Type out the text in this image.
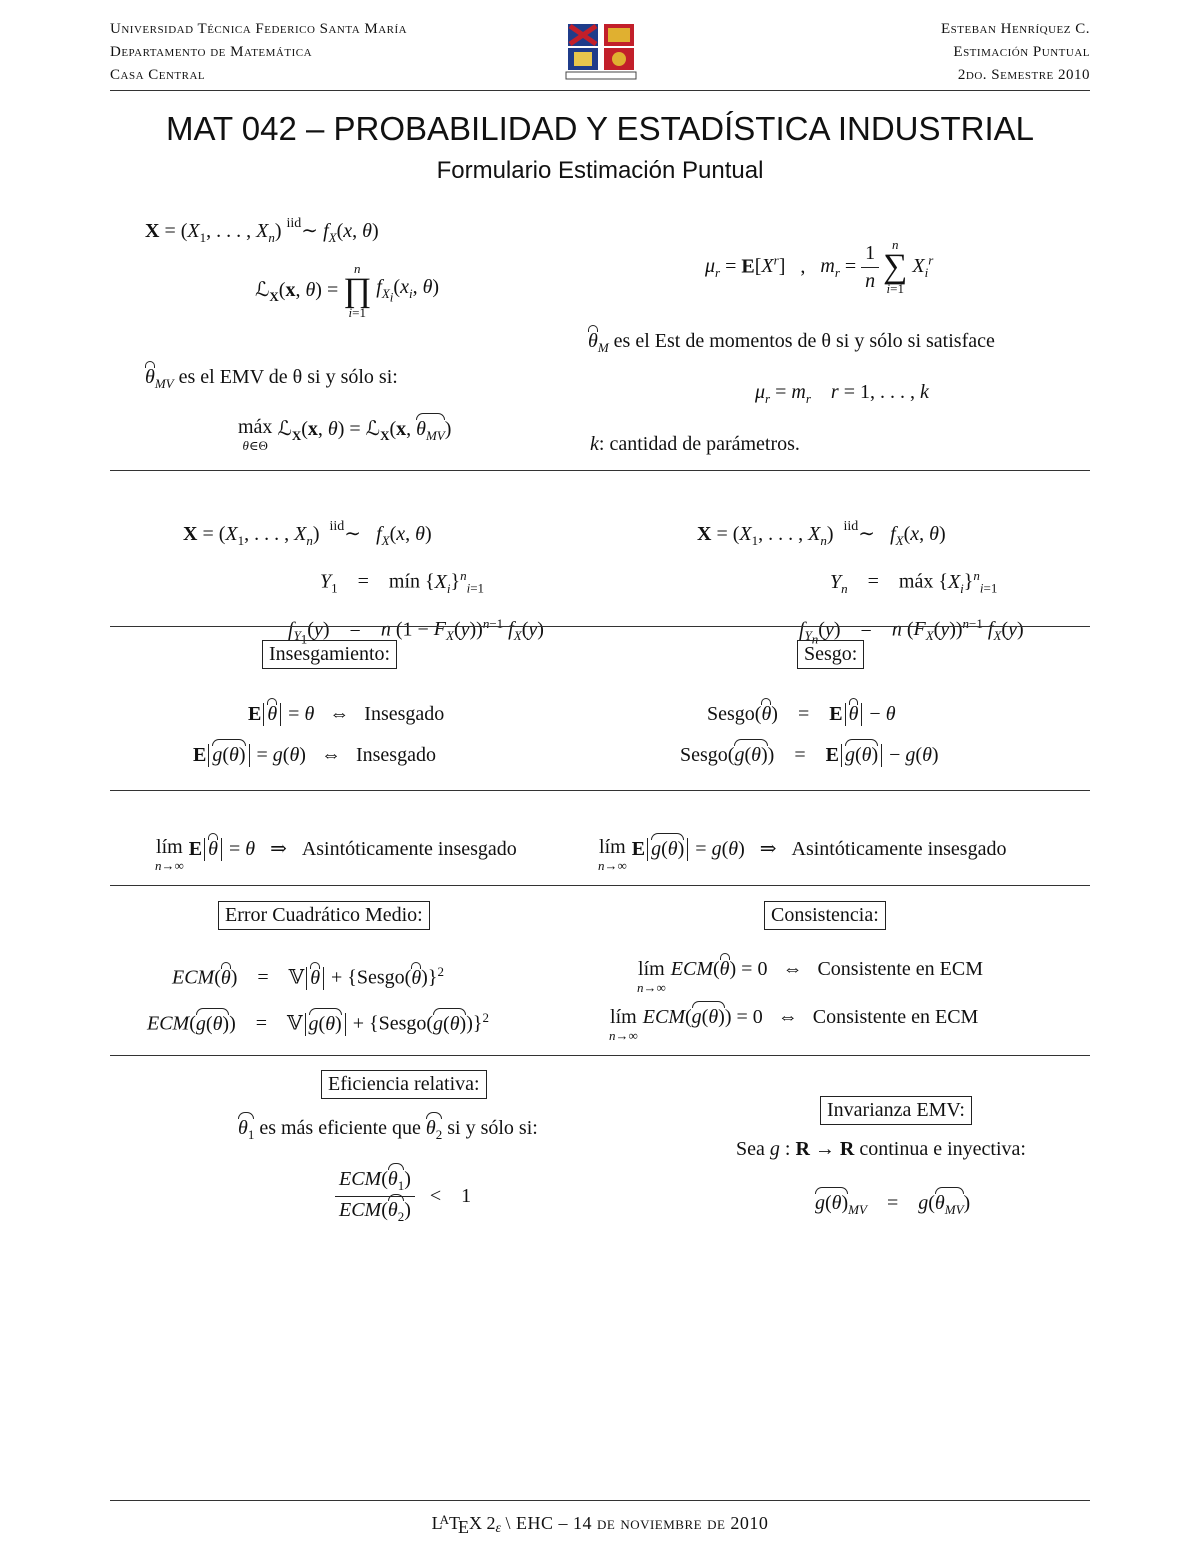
Universidad Técnica Federico Santa María
Departamento de Matemática
Casa Central
Esteban Henríquez C.
Estimación Puntual
2do. Semestre 2010
MAT 042 – PROBABILIDAD Y ESTADÍSTICA INDUSTRIAL
Formulario Estimación Puntual
$X = (X_1$, . . . , $X_n$) $^{iid}$∼ $f_X(x$, θ)
ℒ$_X$(x, θ) =
n
∏
i=1
$f_{X_i}(x_i$, θ)
$\theta_{MV}$ es el EMV de θ si y sólo si:
máx
θ∈Θ
ℒ$_X$(x, θ) = ℒ$_X$(x, $\theta_{MV}$)
$\mu_r = E[X^r]$   ,   $m_r = \frac{1}{n}$ n
∑
i=1
$X_i^r$
$\theta_M$ es el Est de momentos de θ si y sólo si satisface
$\mu_r = m_r$ r = 1, . . . , k
k: cantidad de parámetros.
$X = (X_1$, . . . , $X_n$)  $^{iid}$∼   $f_X(x$, θ)
$Y_1$    =    mín $\{X_i\}^n_{i=1}$
$f_{Y_1}(y)$    =    n $(1 - F_X(y))^{n-1}$ $f_X(y)$
$X = (X_1$, . . . , $X_n$)  $^{iid}$∼   $f_X(x$, θ)
$Y_n$    =    máx $\{X_i\}^n_{i=1}$
$f_{Y_n}(y)$    =    n $(F_X(y))^{n-1}$ $f_X(y)$
Insesgamiento:	Sesgo:
E θ = θ   ⇔   Insesgado
E g(θ) = g(θ)   ⇔   Insesgado
Sesgo(θ)    =    E θ − θ
Sesgo(g(θ))    =    E g(θ) − g(θ)
lím
n→∞
E θ = θ   ⇒   Asintóticamente insesgado	lím
n→∞
E g(θ) = g(θ)   ⇒   Asintóticamente insesgado
Error Cuadrático Medio:	Consistencia:
ECM(θ)    =    𝕍 θ + {Sesgo(θ)}$^2$
ECM(g(θ))    =    𝕍 g(θ) + {Sesgo(g(θ))}$^2$
lím
n→∞
ECM(θ) = 0   ⇔   Consistente en ECM
lím
n→∞
ECM(g(θ)) = 0   ⇔   Consistente en ECM
Eficiencia relativa:
$\theta_1$ es más eficiente que $\theta_2$ si y sólo si:
$\frac{ECM(\theta_1)}{ECM(\theta_2)}$ <    1
Invarianza EMV:
Sea g : R → R continua e inyectiva:
$g(\theta)_{MV}$    =    $g(\theta_{MV})$
$L^ATEX$ 2ε \ EHC – 14 de noviembre de 2010
